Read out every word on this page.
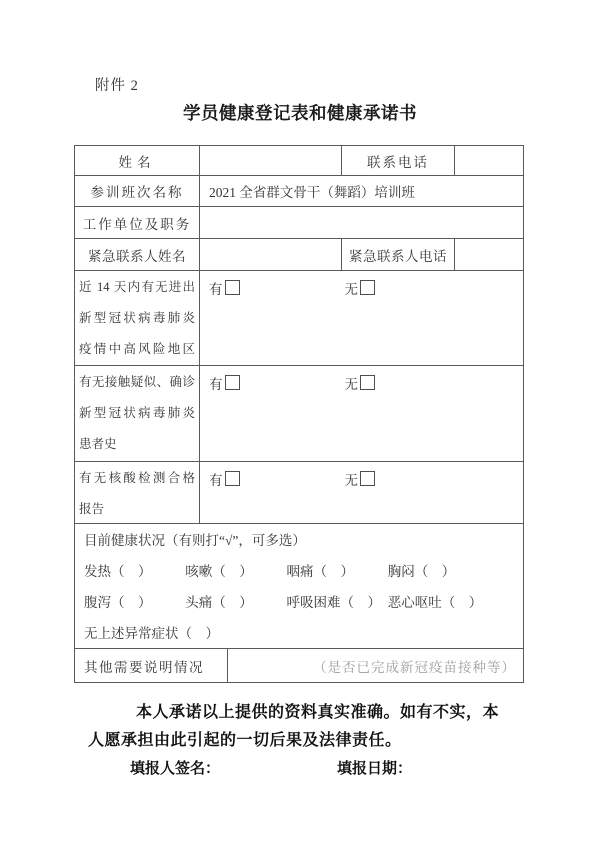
附件 2
学员健康登记表和健康承诺书
姓名	联系电话
参训班次名称	2021 全省群文骨干（舞蹈）培训班
工作单位及职务
紧急联系人姓名	紧急联系人电话
近 14 天内有无进出
新型冠状病毒肺炎
疫情中高风险地区
有	无
有无接触疑似、确诊
新型冠状病毒肺炎
患者史
有	无
有无核酸检测合格
报告
有	无
目前健康状况（有则打“√”，可多选）
发热（　）　　　咳嗽（　）　　　咽痛（　）　　　胸闷（　）
腹泻（　）　　　头痛（　）　　　呼吸困难（　）　恶心呕吐（　）
无上述异常症状（　）
其他需要说明情况	（是否已完成新冠疫苗接种等）
本人承诺以上提供的资料真实准确。如有不实，本人愿承担由此引起的一切后果及法律责任。
填报人签名：	填报日期：
